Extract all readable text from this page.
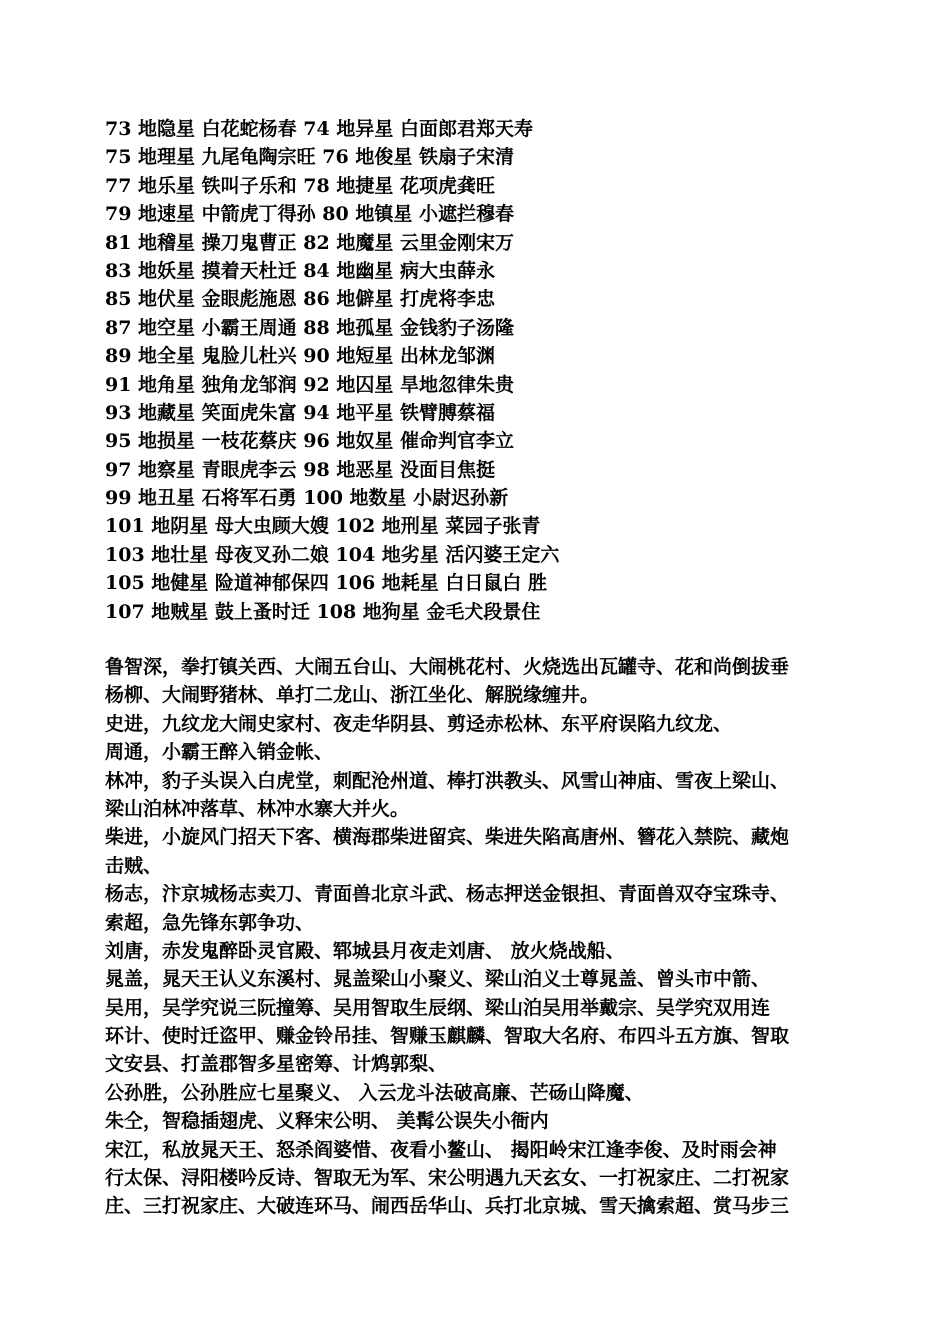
73 地隐星 白花蛇杨春 74 地异星 白面郎君郑天寿
75 地理星 九尾龟陶宗旺 76 地俊星 铁扇子宋清
77 地乐星 铁叫子乐和 78 地捷星 花项虎龚旺
79 地速星 中箭虎丁得孙 80 地镇星 小遮拦穆春
81 地稽星 操刀鬼曹正 82 地魔星 云里金刚宋万
83 地妖星 摸着天杜迁 84 地幽星 病大虫薛永
85 地伏星 金眼彪施恩 86 地僻星 打虎将李忠
87 地空星 小霸王周通 88 地孤星 金钱豹子汤隆
89 地全星 鬼脸儿杜兴 90 地短星 出林龙邹渊
91 地角星 独角龙邹润 92 地囚星 旱地忽律朱贵
93 地藏星 笑面虎朱富 94 地平星 铁臂膊蔡福
95 地损星 一枝花蔡庆 96 地奴星 催命判官李立
97 地察星 青眼虎李云 98 地恶星 没面目焦挺
99 地丑星 石将军石勇 100 地数星 小尉迟孙新
101 地阴星 母大虫顾大嫂 102 地刑星 菜园子张青
103 地壮星 母夜叉孙二娘 104 地劣星 活闪婆王定六
105 地健星 险道神郁保四 106 地耗星 白日鼠白 胜
107 地贼星 鼓上蚤时迁 108 地狗星 金毛犬段景住
鲁智深，拳打镇关西、大闹五台山、大闹桃花村、火烧选出瓦罐寺、花和尚倒拔垂
杨柳、大闹野猪林、单打二龙山、浙江坐化、解脱缘缠井。
史进，九纹龙大闹史家村、夜走华阴县、剪迳赤松林、东平府误陷九纹龙、
周通，小霸王醉入销金帐、
林冲，豹子头误入白虎堂，刺配沧州道、棒打洪教头、风雪山神庙、雪夜上梁山、
梁山泊林冲落草、林冲水寨大并火。
柴进，小旋风门招天下客、横海郡柴进留宾、柴进失陷高唐州、簪花入禁院、藏炮
击贼、
杨志，汴京城杨志卖刀、青面兽北京斗武、杨志押送金银担、青面兽双夺宝珠寺、
索超，急先锋东郭争功、
刘唐，赤发鬼醉卧灵官殿、郓城县月夜走刘唐、 放火烧战船、
晁盖，晁天王认义东溪村、晁盖梁山小聚义、梁山泊义士尊晁盖、曾头市中箭、
吴用，吴学究说三阮撞筹、吴用智取生辰纲、梁山泊吴用举戴宗、吴学究双用连
环计、使时迁盗甲、赚金铃吊挂、智赚玉麒麟、智取大名府、布四斗五方旗、智取
文安县、打盖郡智多星密筹、计鸩郭梨、
公孙胜，公孙胜应七星聚义、 入云龙斗法破高廉、芒砀山降魔、
朱仝，智稳插翅虎、义释宋公明、 美髯公误失小衙内
宋江，私放晁天王、怒杀阎婆惜、夜看小鳌山、 揭阳岭宋江逢李俊、及时雨会神
行太保、浔阳楼吟反诗、智取无为军、宋公明遇九天玄女、一打祝家庄、二打祝家
庄、三打祝家庄、大破连环马、闹西岳华山、兵打北京城、雪天擒索超、赏马步三
